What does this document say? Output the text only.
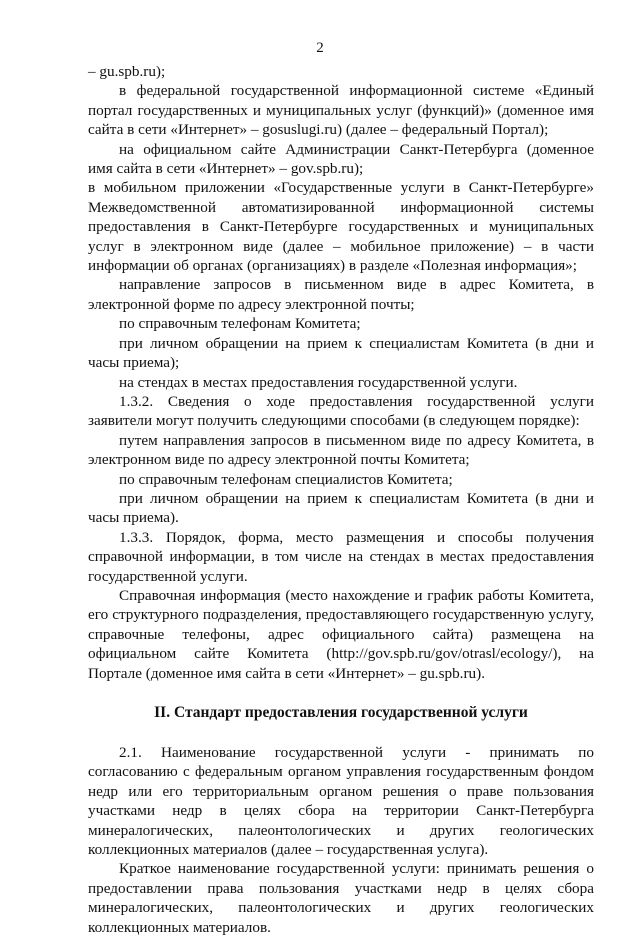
2

– gu.spb.ru);

в федеральной государственной информационной системе «Единый портал государственных и муниципальных услуг (функций)» (доменное имя сайта в сети «Интернет» – gosuslugi.ru) (далее – федеральный Портал);

на официальном сайте Администрации Санкт-Петербурга (доменное имя сайта в сети «Интернет» – gov.spb.ru);

в мобильном приложении «Государственные услуги в Санкт-Петербурге» Межведомственной автоматизированной информационной системы предоставления в Санкт-Петербурге государственных и муниципальных услуг в электронном виде (далее – мобильное приложение) – в части информации об органах (организациях) в разделе «Полезная информация»;

направление запросов в письменном виде в адрес Комитета, в электронной форме по адресу электронной почты;

по справочным телефонам Комитета;

при личном обращении на прием к специалистам Комитета (в дни и часы приема);

на стендах в местах предоставления государственной услуги.

1.3.2. Сведения о ходе предоставления государственной услуги заявители могут получить следующими способами (в следующем порядке):

путем направления запросов в письменном виде по адресу Комитета, в электронном виде по адресу электронной почты Комитета;

по справочным телефонам специалистов Комитета;

при личном обращении на прием к специалистам Комитета (в дни и часы приема).

1.3.3. Порядок, форма, место размещения и способы получения справочной информации, в том числе на стендах в местах предоставления государственной услуги.

Справочная информация (место нахождение и график работы Комитета, его структурного подразделения, предоставляющего государственную услугу, справочные телефоны, адрес официального сайта) размещена на официальном сайте Комитета (http://gov.spb.ru/gov/otrasl/ecology/), на Портале (доменное имя сайта в сети «Интернет» – gu.spb.ru).

II. Стандарт предоставления государственной услуги

2.1. Наименование государственной услуги - принимать по согласованию с федеральным органом управления государственным фондом недр или его территориальным органом решения о праве пользования участками недр в целях сбора на территории Санкт-Петербурга минералогических, палеонтологических и других геологических коллекционных материалов (далее – государственная услуга).

Краткое наименование государственной услуги: принимать решения о предоставлении права пользования участками недр в целях сбора минералогических, палеонтологических и других геологических коллекционных материалов.
